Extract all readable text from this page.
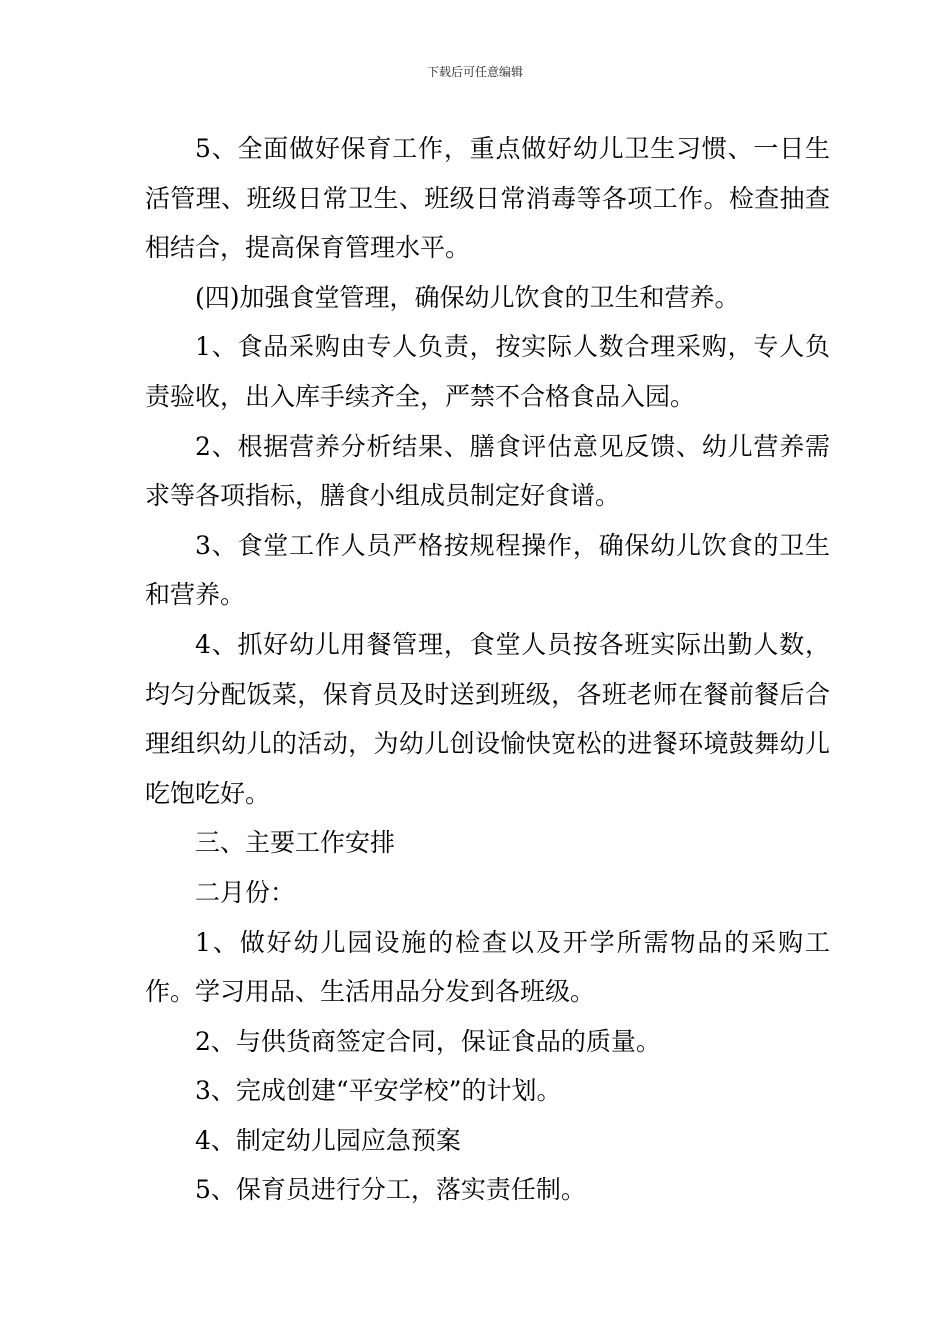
下载后可任意编辑

5、全面做好保育工作，重点做好幼儿卫生习惯、一日生活管理、班级日常卫生、班级日常消毒等各项工作。检查抽查相结合，提高保育管理水平。

(四)加强食堂管理，确保幼儿饮食的卫生和营养。

1、食品采购由专人负责，按实际人数合理采购，专人负责验收，出入库手续齐全，严禁不合格食品入园。

2、根据营养分析结果、膳食评估意见反馈、幼儿营养需求等各项指标，膳食小组成员制定好食谱。

3、食堂工作人员严格按规程操作，确保幼儿饮食的卫生和营养。

4、抓好幼儿用餐管理，食堂人员按各班实际出勤人数，均匀分配饭菜，保育员及时送到班级，各班老师在餐前餐后合理组织幼儿的活动，为幼儿创设愉快宽松的进餐环境鼓舞幼儿吃饱吃好。

三、主要工作安排

二月份：

1、做好幼儿园设施的检查以及开学所需物品的采购工作。学习用品、生活用品分发到各班级。

2、与供货商签定合同，保证食品的质量。

3、完成创建“平安学校”的计划。

4、制定幼儿园应急预案

5、保育员进行分工，落实责任制。
